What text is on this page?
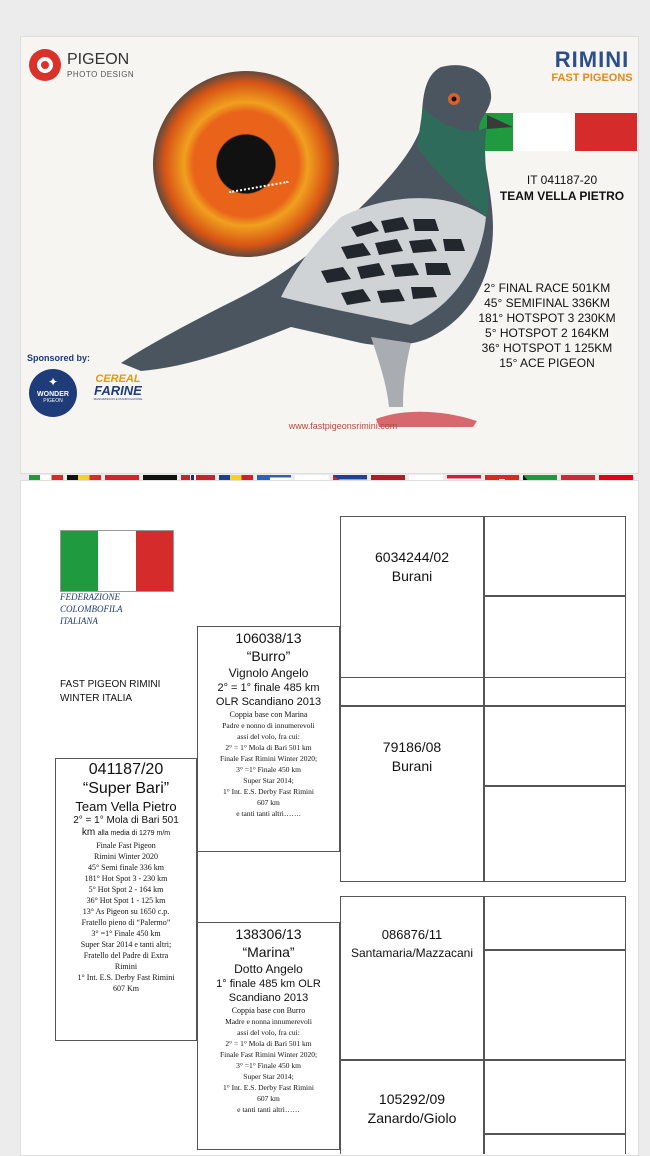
PIGEON
PHOTO DESIGN
RIMINI
FAST PIGEONS
IT 041187-20
TEAM VELLA PIETRO
2° FINAL RACE 501KM
45° SEMIFINAL 336KM
181° HOTSPOT 3 230KM
5° HOTSPOT 2 164KM
36° HOTSPOT 1 125KM
15° ACE PIGEON
Sponsored by:
✦
WONDER
PIGEON
CEREAL
FARINE
MANGIMIFICIO E PIANIFICAZIONE
www.fastpigeonsrimini.com
FEDERAZIONE
COLOMBOFILA
ITALIANA
FAST PIGEON RIMINI
WINTER ITALIA
041187/20
“Super Bari”
Team Vella Pietro
2° = 1° Mola di Bari 501
km alla media di 1279 m/m
Finale Fast Pigeon
Rimini Winter 2020
45° Semi finale 336 km
181° Hot Spot 3 - 230 km
5° Hot Spot 2 - 164 km
36° Hot Spot 1 - 125 km
13° As Pigeon su 1650 c.p.
Fratello pieno di “Palermo”
3° =1° Finale 450 km
Super Star 2014 e tanti altri;
Fratello del Padre di Extra
Rimini
1° Int. E.S. Derby Fast Rimini
607 Km
106038/13
“Burro”
Vignolo Angelo
2° = 1° finale 485 km
OLR Scandiano 2013
Coppia base con Marina
Padre e nonno di innumerevoli
assi del volo, fra cui:
2° = 1° Mola di Bari 501 km
Finale Fast Rimini Winter 2020;
3° =1° Finale 450 km
Super Star 2014;
1° Int. E.S. Derby Fast Rimini
607 km
e tanti tanti altri…….
138306/13
“Marina”
Dotto Angelo
1° finale 485 km OLR
Scandiano 2013
Coppia base con Burro
Madre e nonna innumerevoli
assi del volo, fra cui:
2° = 1° Mola di Bari 501 km
Finale Fast Rimini Winter 2020;
3° =1° Finale 450 km
Super Star 2014;
1° Int. E.S. Derby Fast Rimini
607 km
e tanti tanti altri……
6034244/02
Burani
79186/08
Burani
086876/11
Santamaria/Mazzacani
105292/09
Zanardo/Giolo
